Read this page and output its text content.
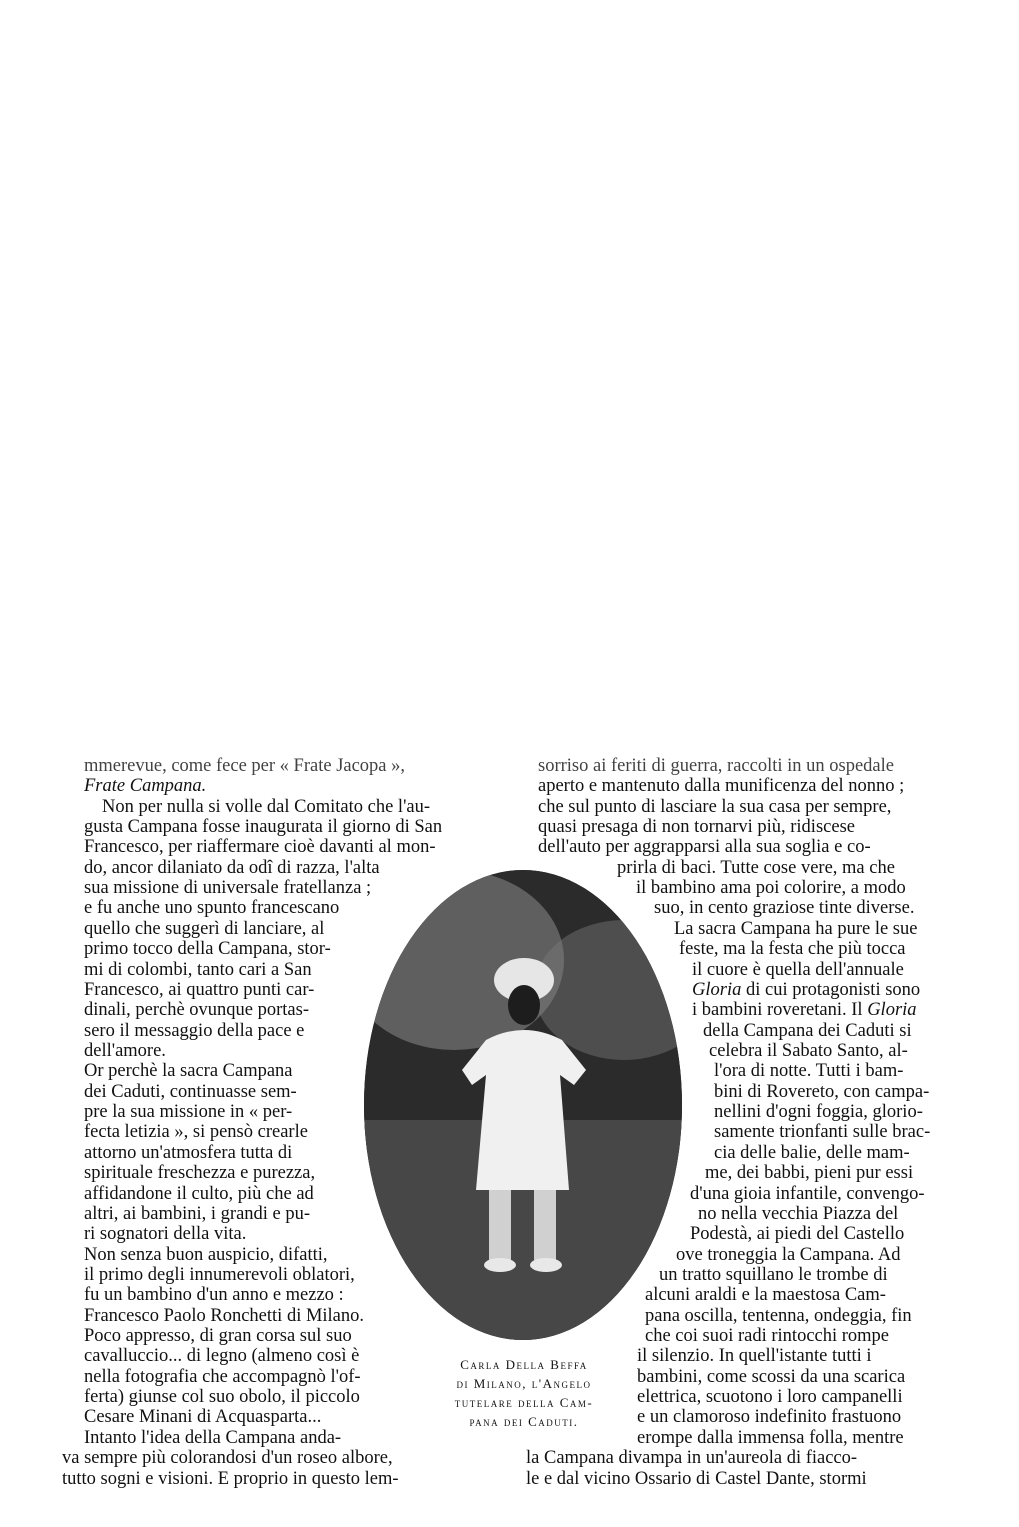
mmerevue, come fece per « Frate Jacopa »,
Frate Campana.
Non per nulla si volle dal Comitato che l'au-
gusta Campana fosse inaugurata il giorno di San
Francesco, per riaffermare cioè davanti al mon-
do, ancor dilaniato da odî di razza, l'alta
sua missione di universale fratellanza ;
e fu anche uno spunto francescano
quello che suggerì di lanciare, al
primo tocco della Campana, stor-
mi di colombi, tanto cari a San
Francesco, ai quattro punti car-
dinali, perchè ovunque portas-
sero il messaggio della pace e
dell'amore.
Or perchè la sacra Campana
dei Caduti, continuasse sem-
pre la sua missione in « per-
fecta letizia », si pensò crearle
attorno un'atmosfera tutta di
spirituale freschezza e purezza,
affidandone il culto, più che ad
altri, ai bambini, i grandi e pu-
ri sognatori della vita.
Non senza buon auspicio, difatti,
il primo degli innumerevoli oblatori,
fu un bambino d'un anno e mezzo :
Francesco Paolo Ronchetti di Milano.
Poco appresso, di gran corsa sul suo
cavalluccio... di legno (almeno così è
nella fotografia che accompagnò l'of-
ferta) giunse col suo obolo, il piccolo
Cesare Minani di Acquasparta...
Intanto l'idea della Campana anda-
va sempre più colorandosi d'un roseo albore,
tutto sogni e visioni. E proprio in questo lem-
sorriso ai feriti di guerra, raccolti in un ospedale
aperto e mantenuto dalla munificenza del nonno ;
che sul punto di lasciare la sua casa per sempre,
quasi presaga di non tornarvi più, ridiscese
dell'auto per aggrapparsi alla sua soglia e co-
prirla di baci. Tutte cose vere, ma che
il bambino ama poi colorire, a modo
suo, in cento graziose tinte diverse.
La sacra Campana ha pure le sue
feste, ma la festa che più tocca
il cuore è quella dell'annuale
Gloria di cui protagonisti sono
i bambini roveretani. Il Gloria
della Campana dei Caduti si
celebra il Sabato Santo, al-
l'ora di notte. Tutti i bam-
bini di Rovereto, con campa-
nellini d'ogni foggia, glorio-
samente trionfanti sulle brac-
cia delle balie, delle mam-
me, dei babbi, pieni pur essi
d'una gioia infantile, convengo-
no nella vecchia Piazza del
Podestà, ai piedi del Castello
ove troneggia la Campana. Ad
un tratto squillano le trombe di
alcuni araldi e la maestosa Cam-
pana oscilla, tentenna, ondeggia, fin
che coi suoi radi rintocchi rompe
il silenzio. In quell'istante tutti i
bambini, come scossi da una scarica
elettrica, scuotono i loro campanelli
e un clamoroso indefinito frastuono
erompe dalla immensa folla, mentre
la Campana divampa in un'aureola di fiacco-
le e dal vicino Ossario di Castel Dante, stormi
Carla Della Beffa
di Milano, l'Angelo
tutelare della Cam-
pana dei Caduti.
